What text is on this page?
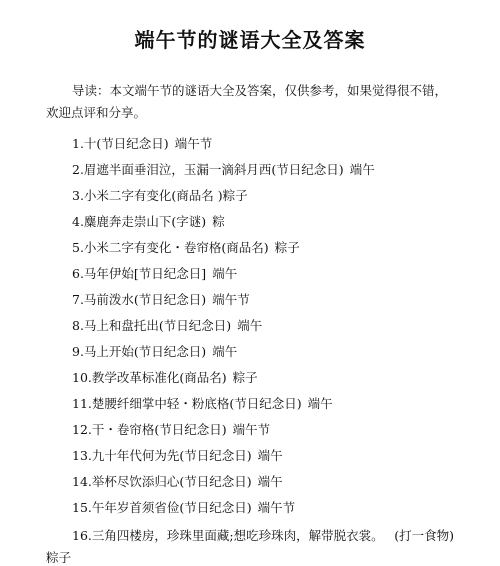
端午节的谜语大全及答案
导读：本文端午节的谜语大全及答案，仅供参考，如果觉得很不错，欢迎点评和分享。
1.十(节日纪念日) 端午节
2.眉遮半面垂泪泣，玉漏一滴斜月西(节日纪念日) 端午
3.小米二字有变化(商品名 )粽子
4.麋鹿奔走崇山下(字谜) 粽
5.小米二字有变化・卷帘格(商品名) 粽子
6.马年伊始[节日纪念日] 端午
7.马前泼水(节日纪念日) 端午节
8.马上和盘托出(节日纪念日) 端午
9.马上开始(节日纪念日) 端午
10.教学改革标准化(商品名) 粽子
11.楚腰纤细掌中轻・粉底格(节日纪念日) 端午
12.干・卷帘格(节日纪念日) 端午节
13.九十年代何为先(节日纪念日) 端午
14.举杯尽饮添归心(节日纪念日) 端午
15.午年岁首须省俭(节日纪念日) 端午节
16.三角四楼房，珍珠里面藏;想吃珍珠肉，解带脱衣裳。 (打一食物)
粽子
